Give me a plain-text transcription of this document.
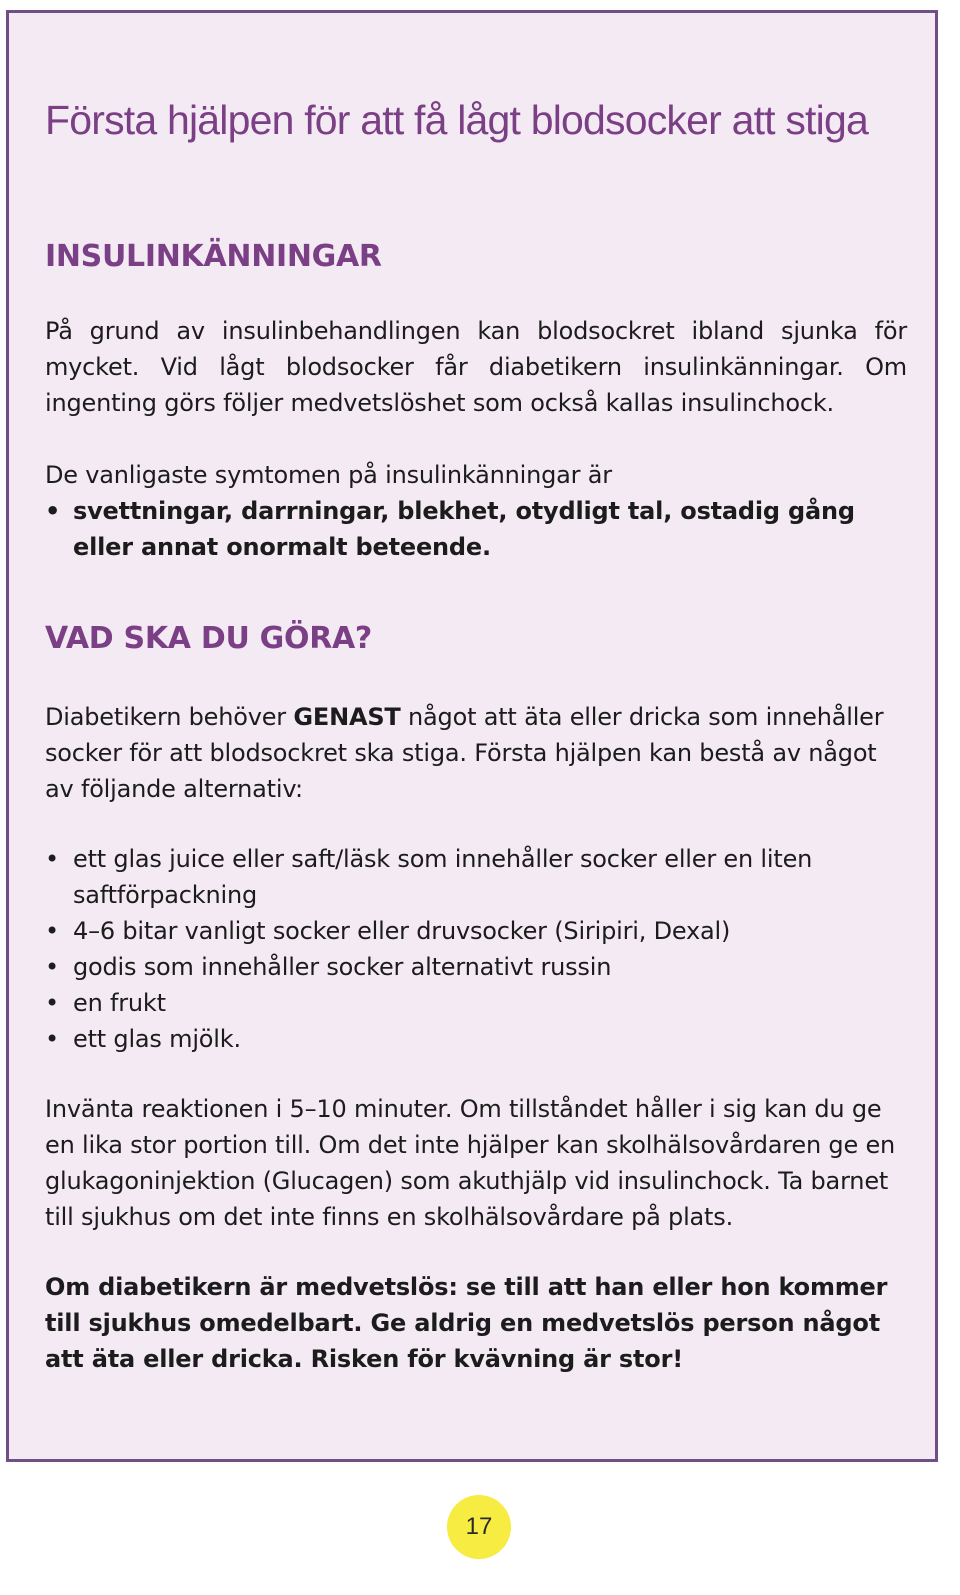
Första hjälpen för att få lågt blodsocker att stiga
INSULINKÄNNINGAR

På grund av insulinbehandlingen kan blodsockret ibland sjunka för mycket. Vid lågt blodsocker får diabetikern insulinkänningar. Om ingenting görs följer medvetslöshet som också kallas insulinchock.

De vanligaste symtomen på insulinkänningar är

• svettningar, darrningar, blekhet, otydligt tal, ostadig gång eller annat onormalt beteende.
VAD SKA DU GÖRA?

Diabetikern behöver GENAST något att äta eller dricka som innehåller socker för att blodsockret ska stiga. Första hjälpen kan bestå av något av följande alternativ:

• ett glas juice eller saft/läsk som innehåller socker eller en liten saftförpackning
• 4–6 bitar vanligt socker eller druvsocker (Siripiri, Dexal)
• godis som innehåller socker alternativt russin
• en frukt
• ett glas mjölk.

Invänta reaktionen i 5–10 minuter. Om tillståndet håller i sig kan du ge en lika stor portion till. Om det inte hjälper kan skolhälsovårdaren ge en glukagoninjektion (Glucagen) som akuthjälp vid insulinchock. Ta barnet till sjukhus om det inte finns en skolhälsovårdare på plats.

Om diabetikern är medvetslös: se till att han eller hon kommer till sjukhus omedelbart. Ge aldrig en medvetslös person något att äta eller dricka. Risken för kvävning är stor!

17
